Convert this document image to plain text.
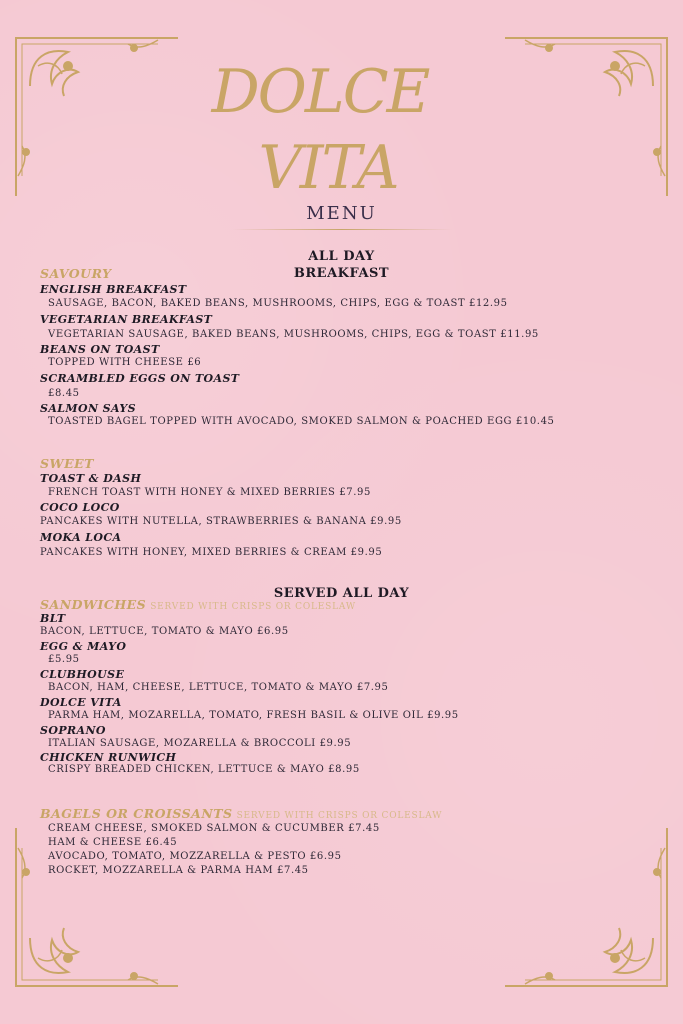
DOLCE
VITA
MENU
ALL DAY
BREAKFAST
SAVOURY
ENGLISH BREAKFAST
SAUSAGE, BACON, BAKED BEANS, MUSHROOMS, CHIPS, EGG & TOAST £12.95
VEGETARIAN BREAKFAST
VEGETARIAN SAUSAGE, BAKED BEANS, MUSHROOMS, CHIPS, EGG & TOAST £11.95
BEANS ON TOAST
TOPPED WITH CHEESE £6
SCRAMBLED EGGS ON TOAST
£8.45
SALMON SAYS
TOASTED BAGEL TOPPED WITH AVOCADO, SMOKED SALMON & POACHED EGG £10.45
SWEET
TOAST & DASH
FRENCH TOAST WITH HONEY & MIXED BERRIES £7.95
COCO LOCO
PANCAKES WITH NUTELLA, STRAWBERRIES & BANANA £9.95
MOKA LOCA
PANCAKES WITH HONEY, MIXED BERRIES & CREAM £9.95
SERVED ALL DAY
SANDWICHES SERVED WITH CRISPS OR COLESLAW
BLT
BACON, LETTUCE, TOMATO & MAYO £6.95
EGG & MAYO
£5.95
CLUBHOUSE
BACON, HAM, CHEESE, LETTUCE, TOMATO & MAYO £7.95
DOLCE VITA
PARMA HAM, MOZARELLA, TOMATO, FRESH BASIL & OLIVE OIL £9.95
SOPRANO
ITALIAN SAUSAGE, MOZARELLA & BROCCOLI £9.95
CHICKEN RUNWICH
CRISPY BREADED CHICKEN, LETTUCE & MAYO £8.95
BAGELS OR CROISSANTS SERVED WITH CRISPS OR COLESLAW
CREAM CHEESE, SMOKED SALMON & CUCUMBER £7.45
HAM & CHEESE £6.45
AVOCADO, TOMATO, MOZZARELLA & PESTO £6.95
ROCKET, MOZZARELLA & PARMA HAM £7.45
